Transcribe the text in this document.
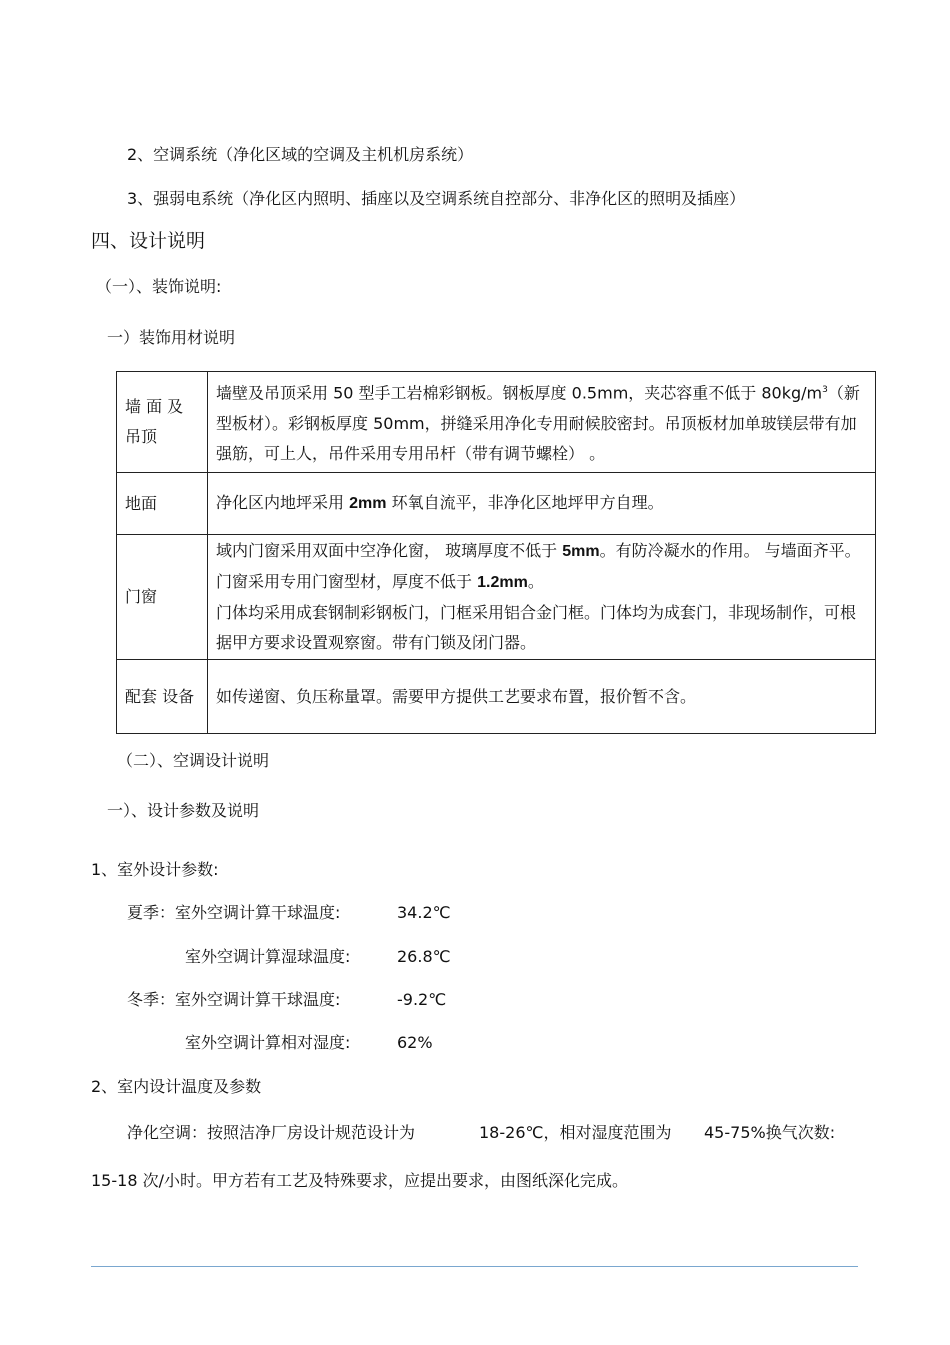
2、空调系统（净化区域的空调及主机机房系统）
3、强弱电系统（净化区内照明、插座以及空调系统自控部分、非净化区的照明及插座）
四、设计说明
（一）、装饰说明:
一）装饰用材说明
墙 面 及 吊顶	墙壁及吊顶采用 50 型手工岩棉彩钢板。钢板厚度 0.5mm，夹芯容重不低于 $80kg/m^3$（新型板材）。彩钢板厚度 50mm，拼缝采用净化专用耐候胶密封。吊顶板材加单玻镁层带有加强筋，可上人，吊件采用专用吊杆（带有调节螺栓） 。
地面	净化区内地坪采用 2mm 环氧自流平，非净化区地坪甲方自理。
门窗	域内门窗采用双面中空净化窗， 玻璃厚度不低于 5mm。有防冷凝水的作用。 与墙面齐平。门窗采用专用门窗型材，厚度不低于 1.2mm。
门体均采用成套钢制彩钢板门，门框采用铝合金门框。门体均为成套门，非现场制作，可根据甲方要求设置观察窗。带有门锁及闭门器。
配套 设备	如传递窗、负压称量罩。需要甲方提供工艺要求布置，报价暂不含。
（二）、空调设计说明
一）、设计参数及说明
1、室外设计参数:
夏季：室外空调计算干球温度:	34.2℃
室外空调计算湿球温度:	26.8℃
冬季：室外空调计算干球温度:	-9.2℃
室外空调计算相对湿度:	62%
2、室内设计温度及参数
净化空调：按照洁净厂房设计规范设计为	18-26℃，相对湿度范围为 45-75%换气次数:
15-18 次/小时。甲方若有工艺及特殊要求，应提出要求，由图纸深化完成。
